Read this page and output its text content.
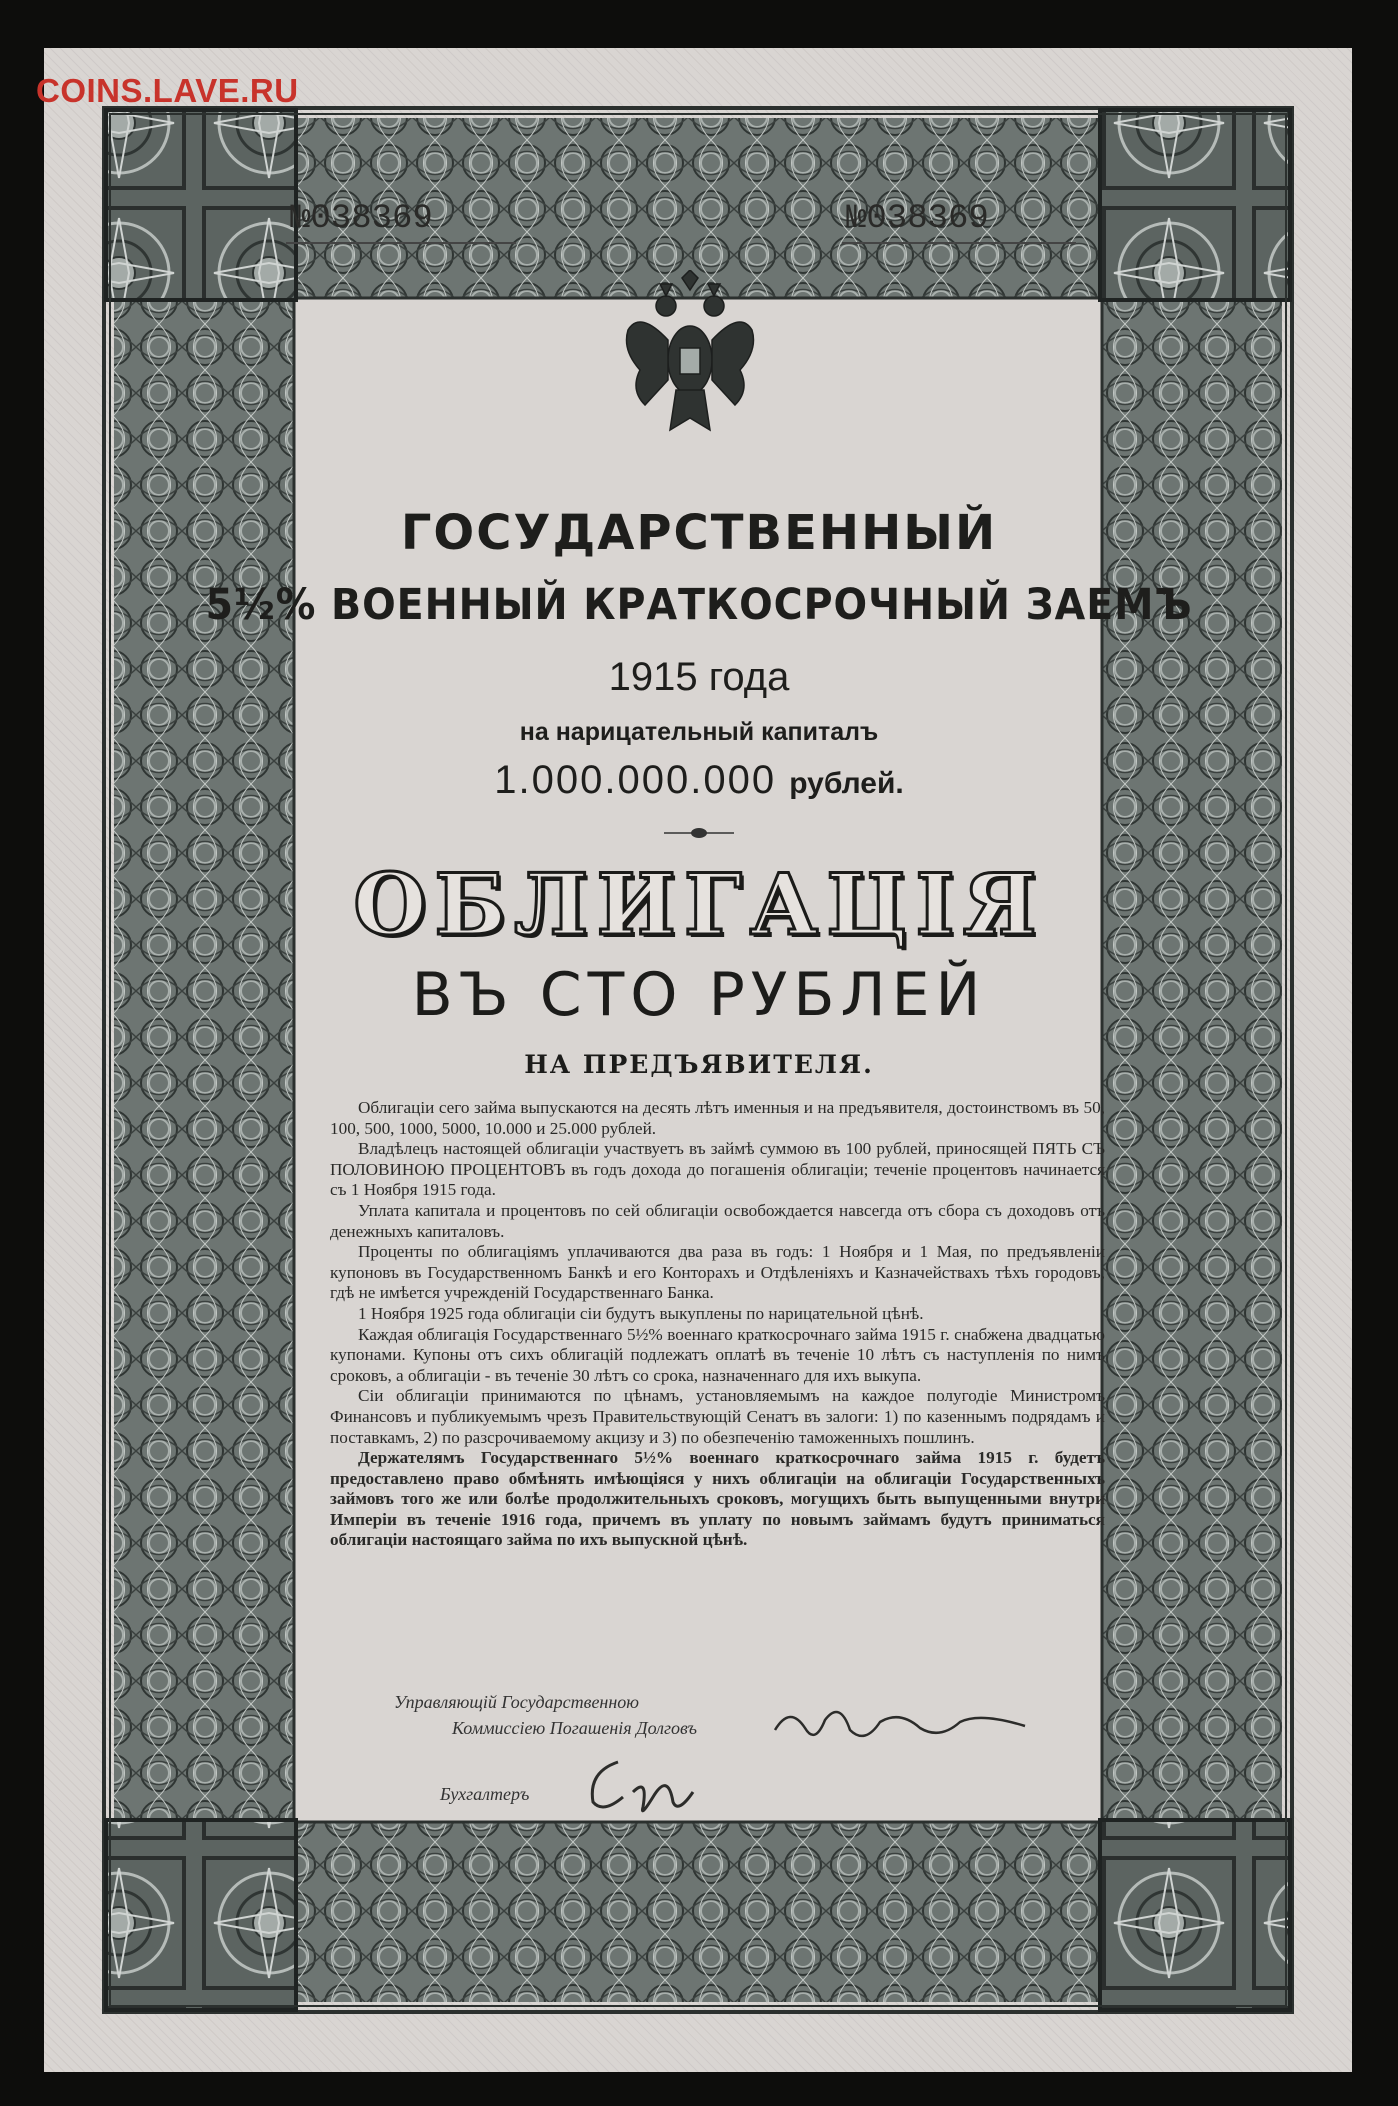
COINS.LAVE.RU
№038369	№038369
ГОСУДАРСТВЕННЫЙ
5½% ВОЕННЫЙ КРАТКОСРОЧНЫЙ ЗАЕМЪ
1915 года
на нарицательный капиталъ
1.000.000.000 рублей.
ОБЛИГАЦІЯ
ВЪ СТО РУБЛЕЙ
НА ПРЕДЪЯВИТЕЛЯ.

Облигаціи сего займа выпускаются на десять лѣтъ именныя и на предъявителя, достоинствомъ въ 50, 100, 500, 1000, 5000, 10.000 и 25.000 рублей.

Владѣлецъ настоящей облигаціи участвуетъ въ займѣ суммою въ 100 рублей, приносящей ПЯТЬ СЪ ПОЛОВИНОЮ ПРОЦЕНТОВЪ въ годъ дохода до погашенія облигаціи; теченіе процентовъ начинается съ 1 Ноября 1915 года.

Уплата капитала и процентовъ по сей облигаціи освобождается навсегда отъ сбора съ доходовъ отъ денежныхъ капиталовъ.

Проценты по облигаціямъ уплачиваются два раза въ годъ: 1 Ноября и 1 Мая, по предъявленіи купоновъ въ Государственномъ Банкѣ и его Конторахъ и Отдѣленіяхъ и Казначействахъ тѣхъ городовъ, гдѣ не имѣется учрежденій Государственнаго Банка.

1 Ноября 1925 года облигаціи сіи будутъ выкуплены по нарицательной цѣнѣ.

Каждая облигація Государственнаго 5½% военнаго краткосрочнаго займа 1915 г. снабжена двадцатью купонами. Купоны отъ сихъ облигацій подлежатъ оплатѣ въ теченіе 10 лѣтъ съ наступленія по нимъ сроковъ, а облигаціи - въ теченіе 30 лѣтъ со срока, назначеннаго для ихъ выкупа.

Сіи облигаціи принимаются по цѣнамъ, установляемымъ на каждое полугодіе Министромъ Финансовъ и публикуемымъ чрезъ Правительствующій Сенатъ въ залоги: 1) по казеннымъ подрядамъ и поставкамъ, 2) по разсрочиваемому акцизу и 3) по обезпеченію таможенныхъ пошлинъ.

Держателямъ Государственнаго 5½% военнаго краткосрочнаго займа 1915 г. будетъ предоставлено право обмѣнять имѣющіяся у нихъ облигаціи на облигаціи Государственныхъ займовъ того же или болѣе продолжительныхъ сроковъ, могущихъ быть выпущенными внутри Имперіи въ теченіе 1916 года, причемъ въ уплату по новымъ займамъ будутъ приниматься облигаціи настоящаго займа по ихъ выпускной цѣнѣ.

Управляющій Государственною
Коммиссіею Погашенія Долговъ
Бухгалтеръ
